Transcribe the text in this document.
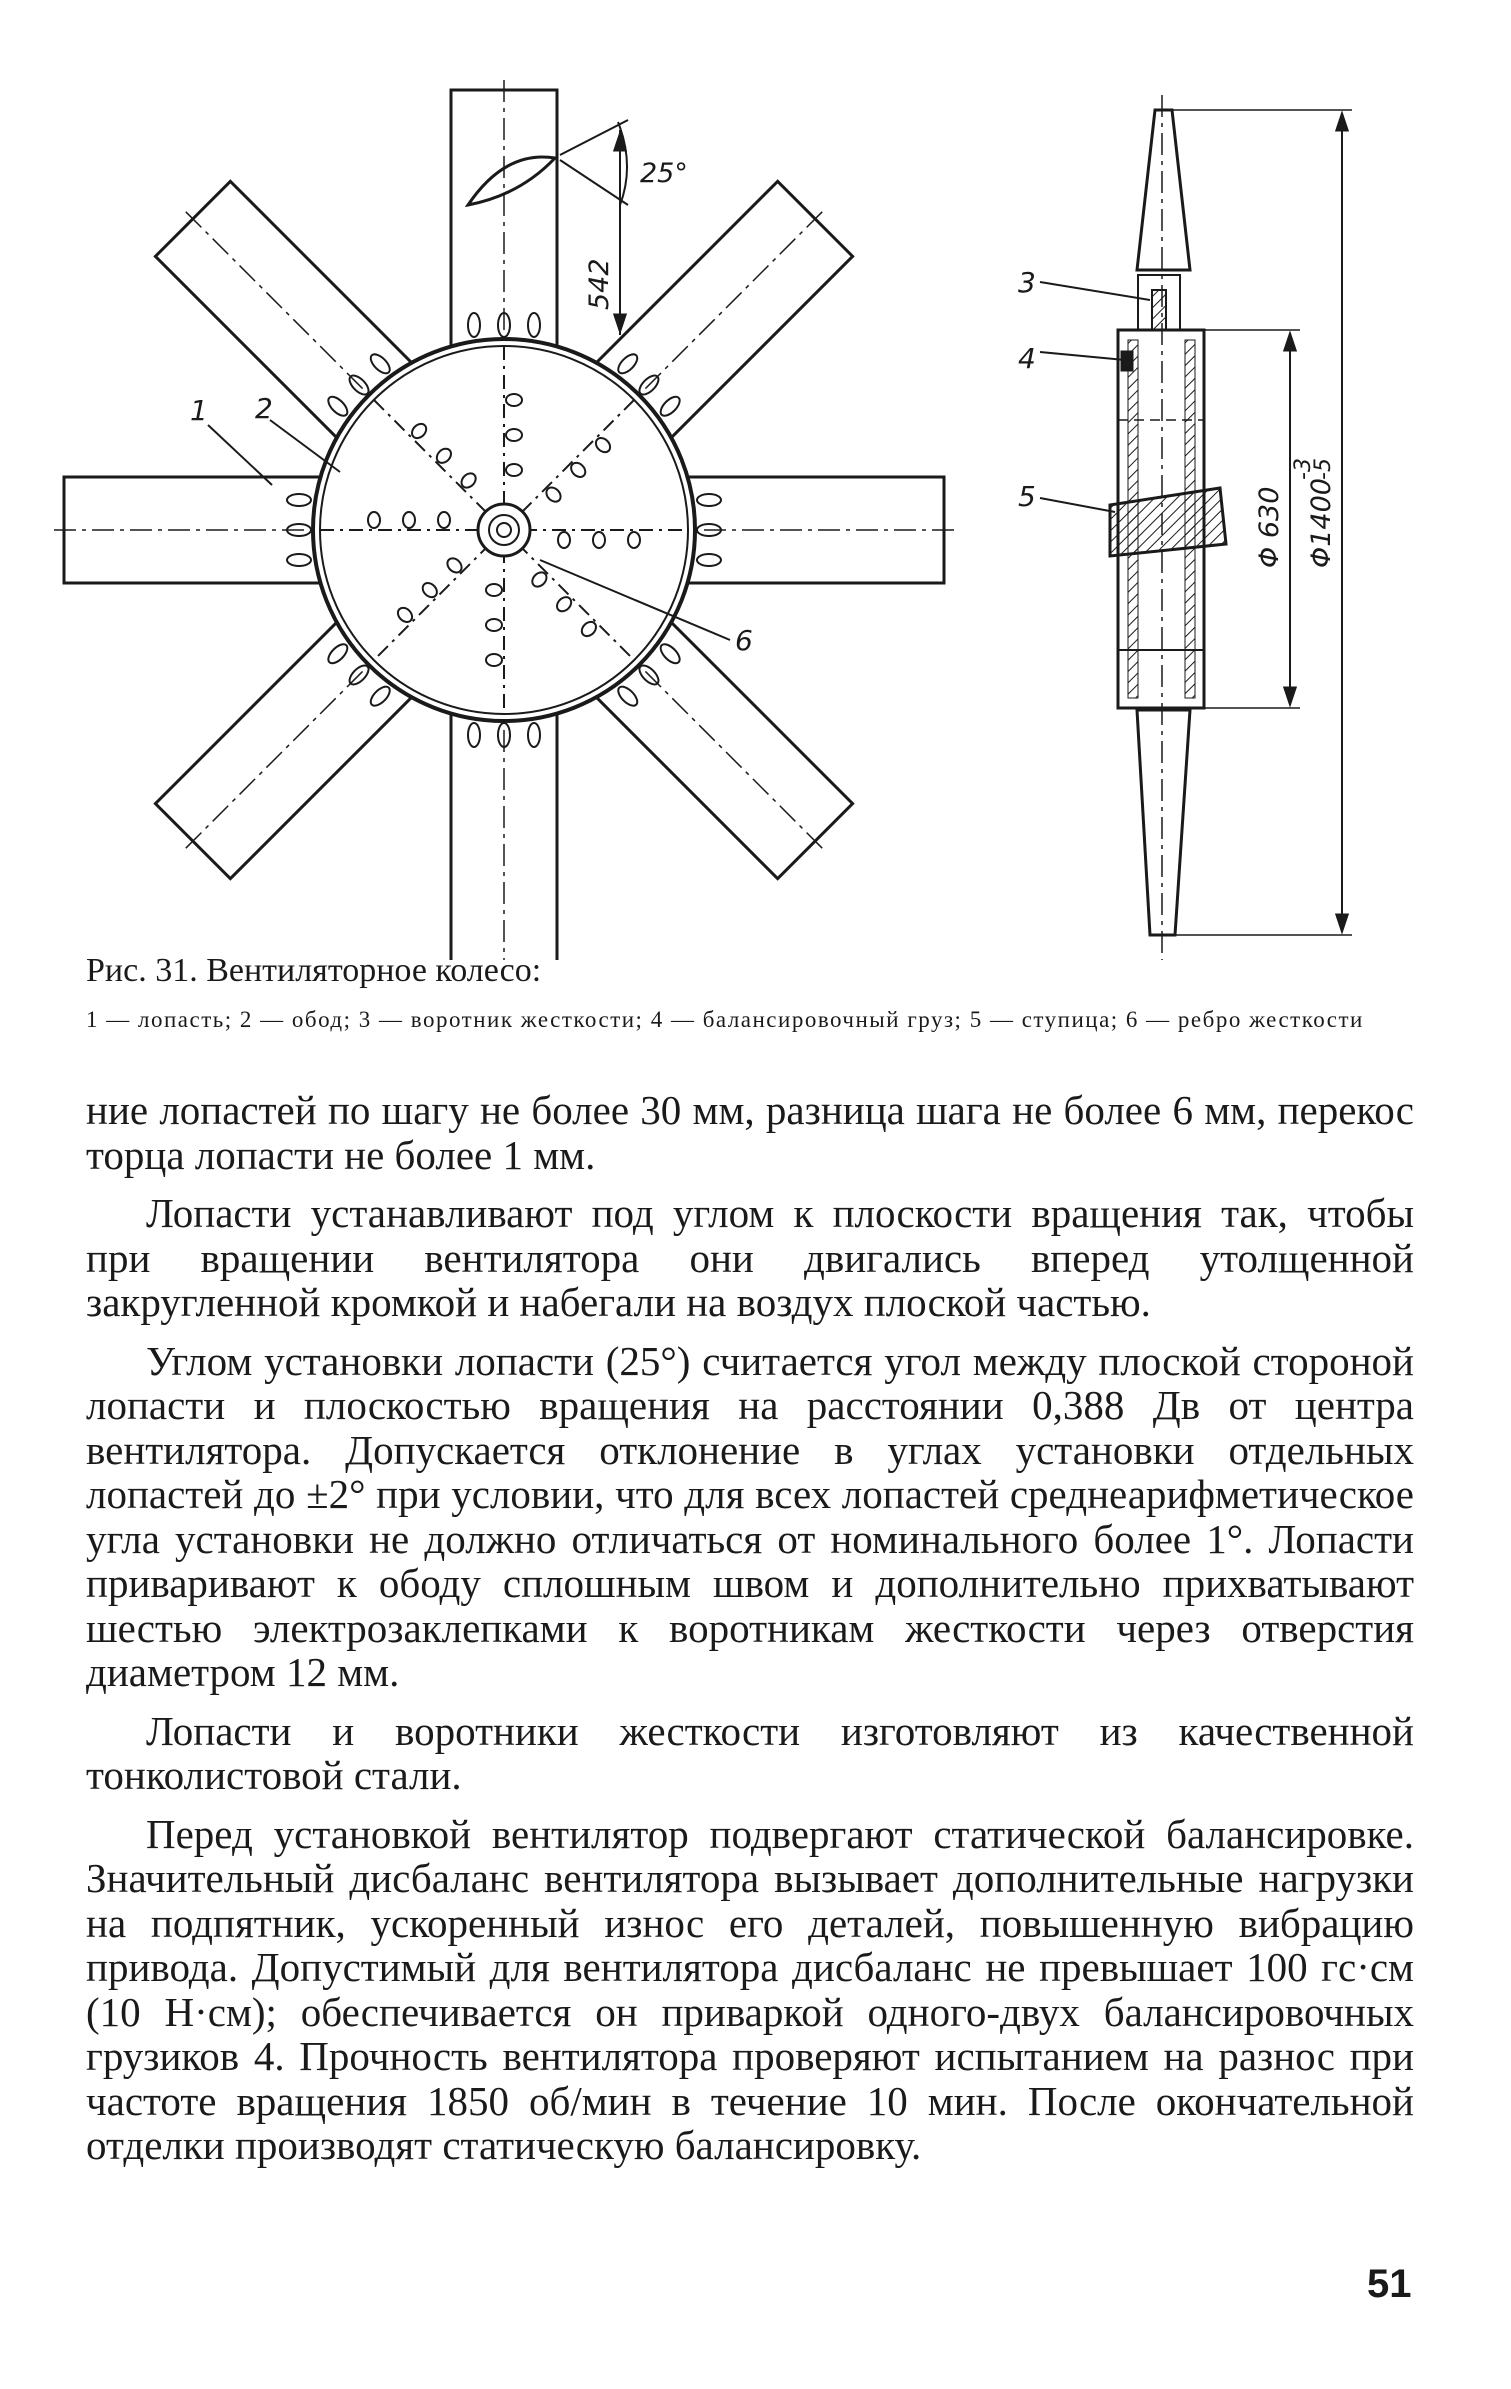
1 2
6
25°
542	3
4
5	Φ 630 Φ1400
-3
-5
Рис. 31. Вентиляторное колесо:
1 — лопасть; 2 — обод; 3 — воротник жесткости; 4 — балансировочный груз; 5 — ступица; 6 — ребро жесткости

ние лопастей по шагу не более 30 мм, разница шага не более 6 мм, перекос торца лопасти не более 1 мм.

Лопасти устанавливают под углом к плоскости вращения так, чтобы при вращении вентилятора они двигались вперед утолщенной закругленной кромкой и набегали на воздух плоской частью.

Углом установки лопасти (25°) считается угол между плоской стороной лопасти и плоскостью вращения на расстоянии 0,388 Дв от центра вентилятора. Допускается отклонение в углах установки отдельных лопастей до ±2° при условии, что для всех лопастей среднеарифметическое угла установки не должно отличаться от номинального более 1°. Лопасти приваривают к ободу сплошным швом и дополнительно прихватывают шестью электрозаклепками к воротникам жесткости через отверстия диаметром 12 мм.

Лопасти и воротники жесткости изготовляют из качественной тонколистовой стали.

Перед установкой вентилятор подвергают статической балансировке. Значительный дисбаланс вентилятора вызывает дополнительные нагрузки на подпятник, ускоренный износ его деталей, повышенную вибрацию привода. Допустимый для вентилятора дисбаланс не превышает 100 гс·см (10 Н·см); обеспечивается он приваркой одного-двух балансировочных грузиков 4. Прочность вентилятора проверяют испытанием на разнос при частоте вращения 1850 об/мин в течение 10 мин. После окончательной отделки производят статическую балансировку.

51
